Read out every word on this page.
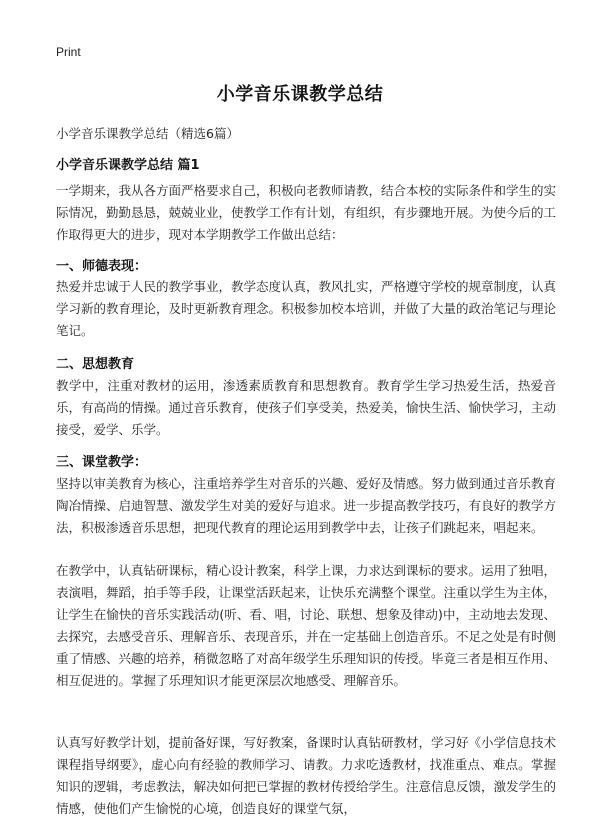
Print
小学音乐课教学总结
小学音乐课教学总结（精选6篇）
小学音乐课教学总结 篇1

一学期来，我从各方面严格要求自己，积极向老教师请教，结合本校的实际条件和学生的实际情况，勤勤恳恳，兢兢业业，使教学工作有计划，有组织，有步骤地开展。为使今后的工作取得更大的进步，现对本学期教学工作做出总结：

一、师德表现：

热爱并忠诚于人民的教学事业，教学态度认真，教风扎实，严格遵守学校的规章制度，认真学习新的教育理论，及时更新教育理念。积极参加校本培训，并做了大量的政治笔记与理论笔记。

二、思想教育

教学中，注重对教材的运用，渗透素质教育和思想教育。教育学生学习热爱生活，热爱音乐，有高尚的情操。通过音乐教育，使孩子们享受美，热爱美，愉快生活、愉快学习，主动接受，爱学、乐学。

三、课堂教学：

坚持以审美教育为核心，注重培养学生对音乐的兴趣、爱好及情感。努力做到通过音乐教育陶冶情操、启迪智慧、激发学生对美的爱好与追求。进一步提高教学技巧，有良好的教学方法，积极渗透音乐思想，把现代教育的理论运用到教学中去，让孩子们跳起来，唱起来。

在教学中，认真钻研课标，精心设计教案，科学上课，力求达到课标的要求。运用了独唱，表演唱，舞蹈，拍手等手段，让课堂活跃起来，让快乐充满整个课堂。注重以学生为主体，让学生在愉快的音乐实践活动(听、看、唱，讨论、联想、想象及律动)中，主动地去发现、去探究，去感受音乐、理解音乐、表现音乐，并在一定基础上创造音乐。不足之处是有时侧重了情感、兴趣的培养，稍微忽略了对高年级学生乐理知识的传授。毕竟三者是相互作用、相互促进的。掌握了乐理知识才能更深层次地感受、理解音乐。

认真写好教学计划，提前备好课，写好教案，备课时认真钻研教材，学习好《小学信息技术课程指导纲要》，虚心向有经验的教师学习、请教。力求吃透教材，找准重点、难点。掌握知识的逻辑，考虑教法，解决如何把已掌握的教材传授给学生。注意信息反馈，激发学生的情感，使他们产生愉悦的心境，创造良好的课堂气氛，
